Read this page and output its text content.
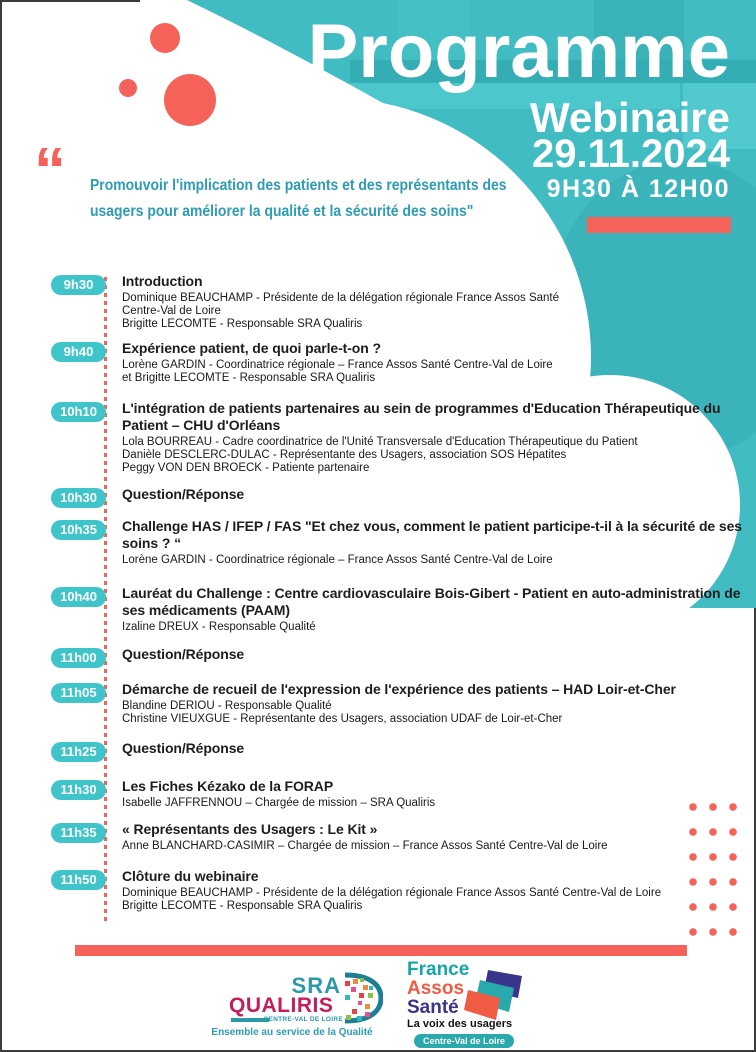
Programme
Webinaire
29.11.2024
9H30 À 12H00
“ Promouvoir l'implication des patients et des représentants des
usagers pour améliorer la qualité et la sécurité des soins"
9h30	Introduction
Dominique BEAUCHAMP - Présidente de la délégation régionale France Assos Santé
Centre-Val de Loire
Brigitte LECOMTE - Responsable SRA Qualiris
9h40	Expérience patient, de quoi parle-t-on ?
Lorène GARDIN - Coordinatrice régionale – France Assos Santé Centre-Val de Loire
et Brigitte LECOMTE - Responsable SRA Qualiris
10h10	L'intégration de patients partenaires au sein de programmes d'Education Thérapeutique du Patient – CHU d'Orléans
Lola BOURREAU - Cadre coordinatrice de l'Unité Transversale d'Education Thérapeutique du Patient
Danièle DESCLERC-DULAC - Représentante des Usagers, association SOS Hépatites
Peggy VON DEN BROECK - Patiente partenaire
10h30	Question/Réponse
10h35	Challenge HAS / IFEP / FAS "Et chez vous, comment le patient participe-t-il à la sécurité de ses soins ? “
Lorène GARDIN - Coordinatrice régionale – France Assos Santé Centre-Val de Loire
10h40	Lauréat du Challenge : Centre cardiovasculaire Bois-Gibert - Patient en auto-administration de ses médicaments (PAAM)
Izaline DREUX - Responsable Qualité
11h00	Question/Réponse
11h05	Démarche de recueil de l'expression de l'expérience des patients – HAD Loir-et-Cher
Blandine DERIOU - Responsable Qualité
Christine VIEUXGUE - Représentante des Usagers, association UDAF de Loir-et-Cher
11h25	Question/Réponse
11h30	Les Fiches Kézako de la FORAP
Isabelle JAFFRENNOU – Chargée de mission – SRA Qualiris
11h35	« Représentants des Usagers : Le Kit »
Anne BLANCHARD-CASIMIR – Chargée de mission – France Assos Santé Centre-Val de Loire
11h50	Clôture du webinaire
Dominique BEAUCHAMP - Présidente de la délégation régionale France Assos Santé Centre-Val de Loire
Brigitte LECOMTE - Responsable SRA Qualiris
SRA
QUALIRIS
CENTRE-VAL DE LOIRE
Ensemble au service de la Qualité
France
Assos
Santé
La voix des usagers
Centre-Val de Loire
